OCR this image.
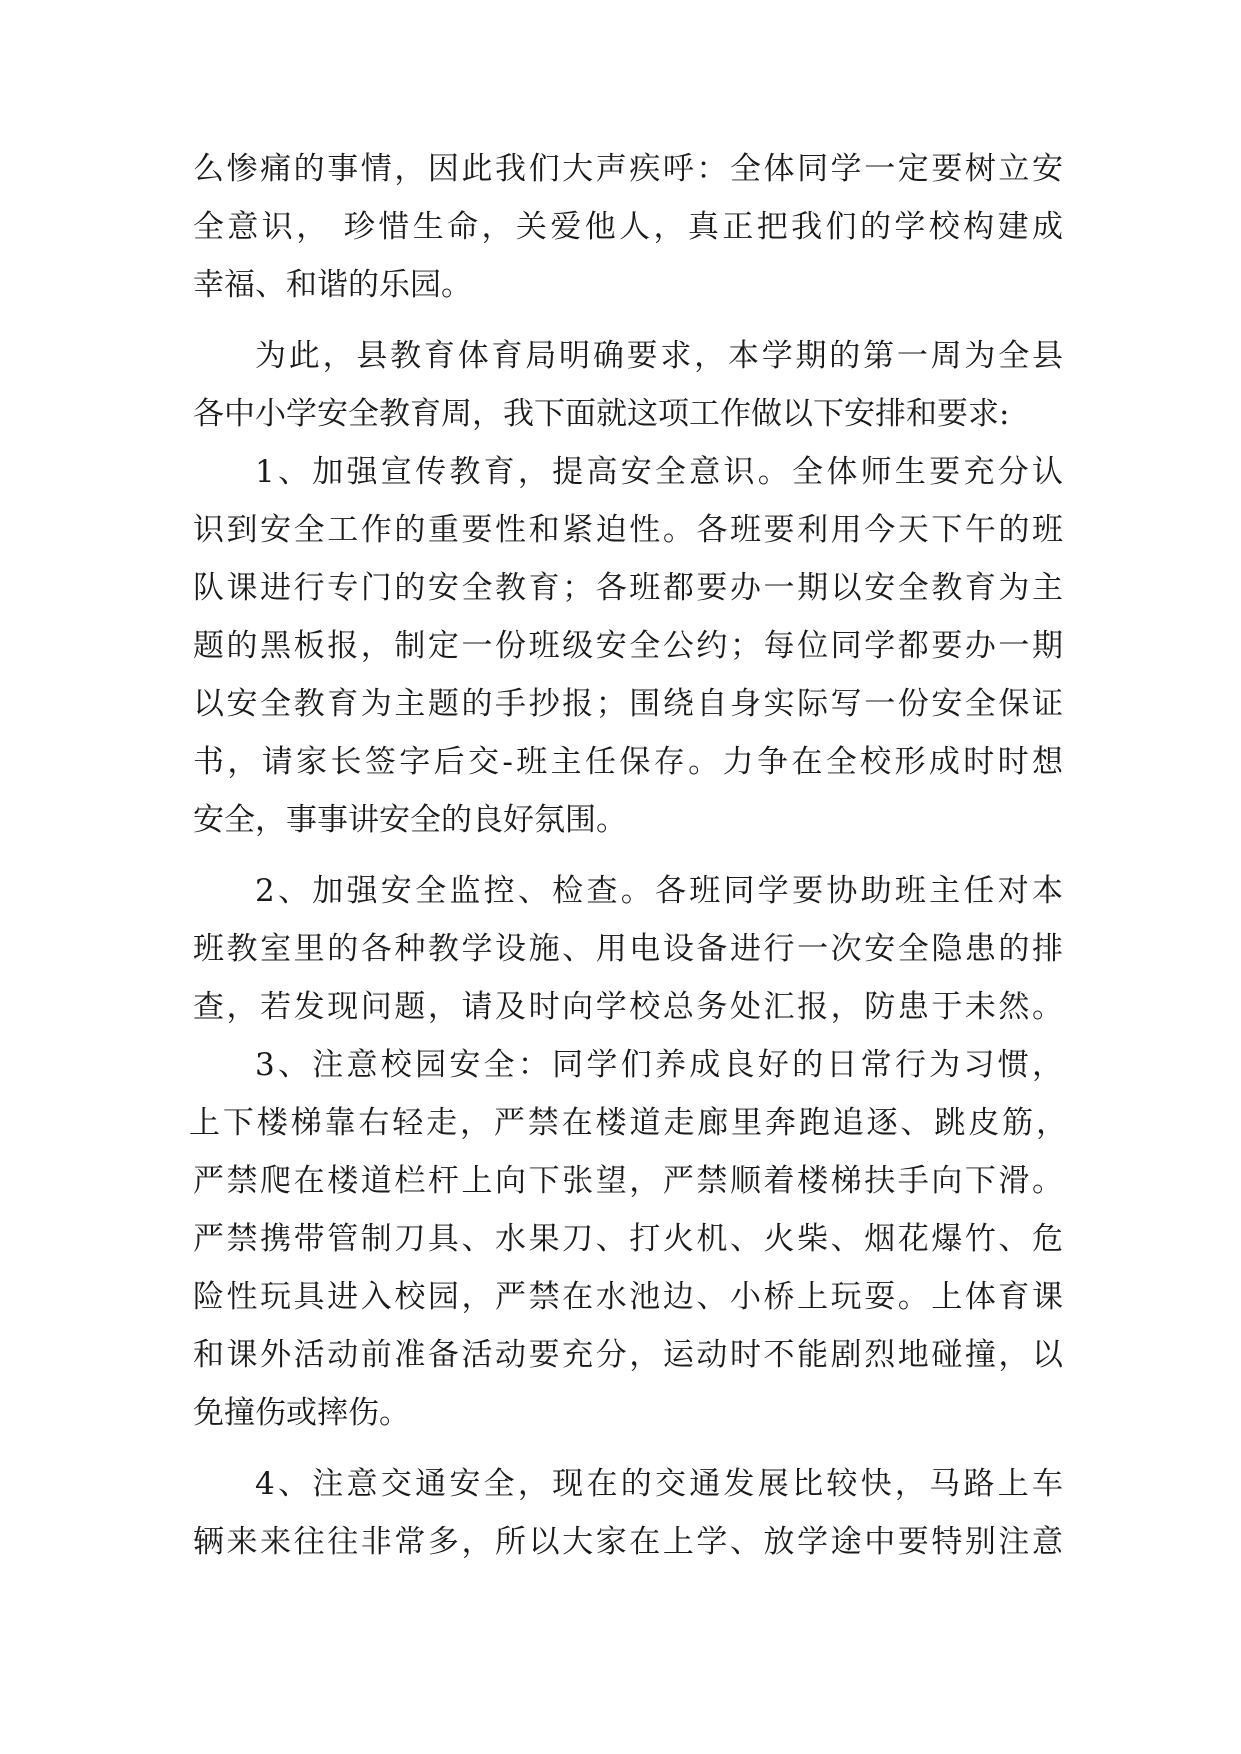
么惨痛的事情，因此我们大声疾呼：全体同学一定要树立安
全意识， 珍惜生命，关爱他人，真正把我们的学校构建成
幸福、和谐的乐园。
为此，县教育体育局明确要求，本学期的第一周为全县
各中小学安全教育周，我下面就这项工作做以下安排和要求:
1、加强宣传教育，提高安全意识。全体师生要充分认
识到安全工作的重要性和紧迫性。各班要利用今天下午的班
队课进行专门的安全教育；各班都要办一期以安全教育为主
题的黑板报，制定一份班级安全公约；每位同学都要办一期
以安全教育为主题的手抄报；围绕自身实际写一份安全保证
书，请家长签字后交-班主任保存。力争在全校形成时时想
安全，事事讲安全的良好氛围。
2、加强安全监控、检查。各班同学要协助班主任对本
班教室里的各种教学设施、用电设备进行一次安全隐患的排
查，若发现问题，请及时向学校总务处汇报，防患于未然。
3、注意校园安全：同学们养成良好的日常行为习惯，
上下楼梯靠右轻走，严禁在楼道走廊里奔跑追逐、跳皮筋，
严禁爬在楼道栏杆上向下张望，严禁顺着楼梯扶手向下滑。
严禁携带管制刀具、水果刀、打火机、火柴、烟花爆竹、危
险性玩具进入校园，严禁在水池边、小桥上玩耍。上体育课
和课外活动前准备活动要充分，运动时不能剧烈地碰撞，以
免撞伤或摔伤。
4、注意交通安全，现在的交通发展比较快，马路上车
辆来来往往非常多，所以大家在上学、放学途中要特别注意
